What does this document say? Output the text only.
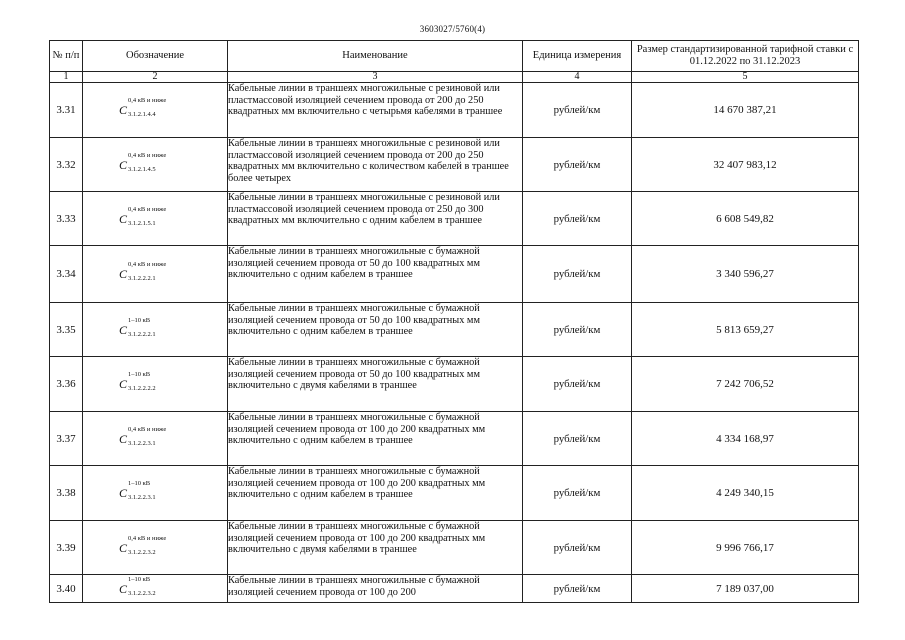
3603027/5760(4)
№ п/п	Обозначение	Наименование	Единица измерения	Размер стандартизированной тарифной ставки с 01.12.2022 по 31.12.2023
1	2	3	4	5
3.31	C
0,4 кВ и ниже
3.1.2.1.4.4	Кабельные линии в траншеях многожильные с резиновой или пластмассовой изоляцией сечением провода от 200 до 250 квадратных мм включительно с четырьмя кабелями в траншее	рублей/км	14 670 387,21
3.32	C
0,4 кВ и ниже
3.1.2.1.4.5	Кабельные линии в траншеях многожильные с резиновой или пластмассовой изоляцией сечением провода от 200 до 250 квадратных мм включительно с количеством кабелей в траншее более четырех	рублей/км	32 407 983,12
3.33	C
0,4 кВ и ниже
3.1.2.1.5.1	Кабельные линии в траншеях многожильные с резиновой или пластмассовой изоляцией сечением провода от 250 до 300 квадратных мм включительно с одним кабелем в траншее	рублей/км	6 608 549,82
3.34	C
0,4 кВ и ниже
3.1.2.2.2.1	Кабельные линии в траншеях многожильные с бумажной изоляцией сечением провода от 50 до 100 квадратных мм включительно с одним кабелем в траншее	рублей/км	3 340 596,27
3.35	C
1–10 кВ
3.1.2.2.2.1	Кабельные линии в траншеях многожильные с бумажной изоляцией сечением провода от 50 до 100 квадратных мм включительно с одним кабелем в траншее	рублей/км	5 813 659,27
3.36	C
1–10 кВ
3.1.2.2.2.2	Кабельные линии в траншеях многожильные с бумажной изоляцией сечением провода от 50 до 100 квадратных мм включительно с двумя кабелями в траншее	рублей/км	7 242 706,52
3.37	C
0,4 кВ и ниже
3.1.2.2.3.1	Кабельные линии в траншеях многожильные с бумажной изоляцией сечением провода от 100 до 200 квадратных мм включительно с одним кабелем в траншее	рублей/км	4 334 168,97
3.38	C
1–10 кВ
3.1.2.2.3.1	Кабельные линии в траншеях многожильные с бумажной изоляцией сечением провода от 100 до 200 квадратных мм включительно с одним кабелем в траншее	рублей/км	4 249 340,15
3.39	C
0,4 кВ и ниже
3.1.2.2.3.2	Кабельные линии в траншеях многожильные с бумажной изоляцией сечением провода от 100 до 200 квадратных мм включительно с двумя кабелями в траншее	рублей/км	9 996 766,17
3.40	C
1–10 кВ
3.1.2.2.3.2	Кабельные линии в траншеях многожильные с бумажной изоляцией сечением провода от 100 до 200	рублей/км	7 189 037,00
